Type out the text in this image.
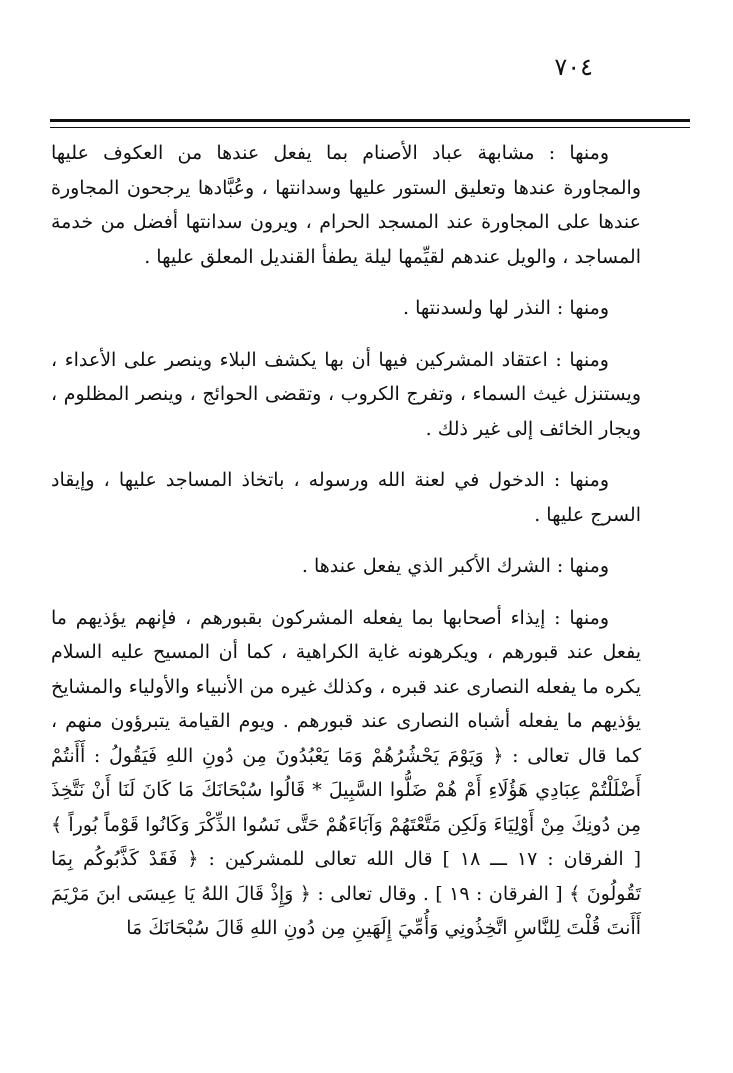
٧٠٤

ومنها : مشابهة عباد الأصنام بما يفعل عندها من العكوف عليها والمجاورة عندها وتعليق الستور عليها وسدانتها ، وعُبَّادها يرجحون المجاورة عندها على المجاورة عند المسجد الحرام ، ويرون سدانتها أفضل من خدمة المساجد ، والويل عندهم لقيِّمها ليلة يطفأ القنديل المعلق عليها .

ومنها : النذر لها ولسدنتها .

ومنها : اعتقاد المشركين فيها أن بها يكشف البلاء وينصر على الأعداء ، ويستنزل غيث السماء ، وتفرج الكروب ، وتقضى الحوائج ، وينصر المظلوم ، ويجار الخائف إلى غير ذلك .

ومنها : الدخول في لعنة الله ورسوله ، باتخاذ المساجد عليها ، وإيقاد السرج عليها .

ومنها : الشرك الأكبر الذي يفعل عندها .

ومنها : إيذاء أصحابها بما يفعله المشركون بقبورهم ، فإنهم يؤذيهم ما يفعل عند قبورهم ، ويكرهونه غاية الكراهية ، كما أن المسيح عليه السلام يكره ما يفعله النصارى عند قبره ، وكذلك غيره من الأنبياء والأولياء والمشايخ يؤذيهم ما يفعله أشباه النصارى عند قبورهم . ويوم القيامة يتبرؤون منهم ، كما قال تعالى : ﴿ وَيَوْمَ يَحْشُرُهُمْ وَمَا يَعْبُدُونَ مِن دُونِ اللهِ فَيَقُولُ : أَأَنتُمْ أَضْلَلْتُمْ عِبَادِي هَؤُلَاءِ أَمْ هُمْ ضَلُّوا السَّبِيلَ * قَالُوا سُبْحَانَكَ مَا كَانَ لَنَا أَنْ نَتَّخِذَ مِن دُونِكَ مِنْ أَوْلِيَاءَ وَلَكِن مَتَّعْتَهُمْ وَآبَاءَهُمْ حَتَّى نَسُوا الذِّكْرَ وَكَانُوا قَوْماً بُوراً ﴾ [ الفرقان : ١٧ ـــ ١٨ ] قال الله تعالى للمشركين : ﴿ فَقَدْ كَذَّبُوكُم بِمَا تَقُولُونَ ﴾ [ الفرقان : ١٩ ] . وقال تعالى : ﴿ وَإِذْ قَالَ اللهُ يَا عِيسَى ابنَ مَرْيَمَ أَأَنتَ قُلْتَ لِلنَّاسِ اتَّخِذُونِي وَأُمِّيَ إِلَهَينِ مِن دُونِ اللهِ قَالَ سُبْحَانَكَ مَا
